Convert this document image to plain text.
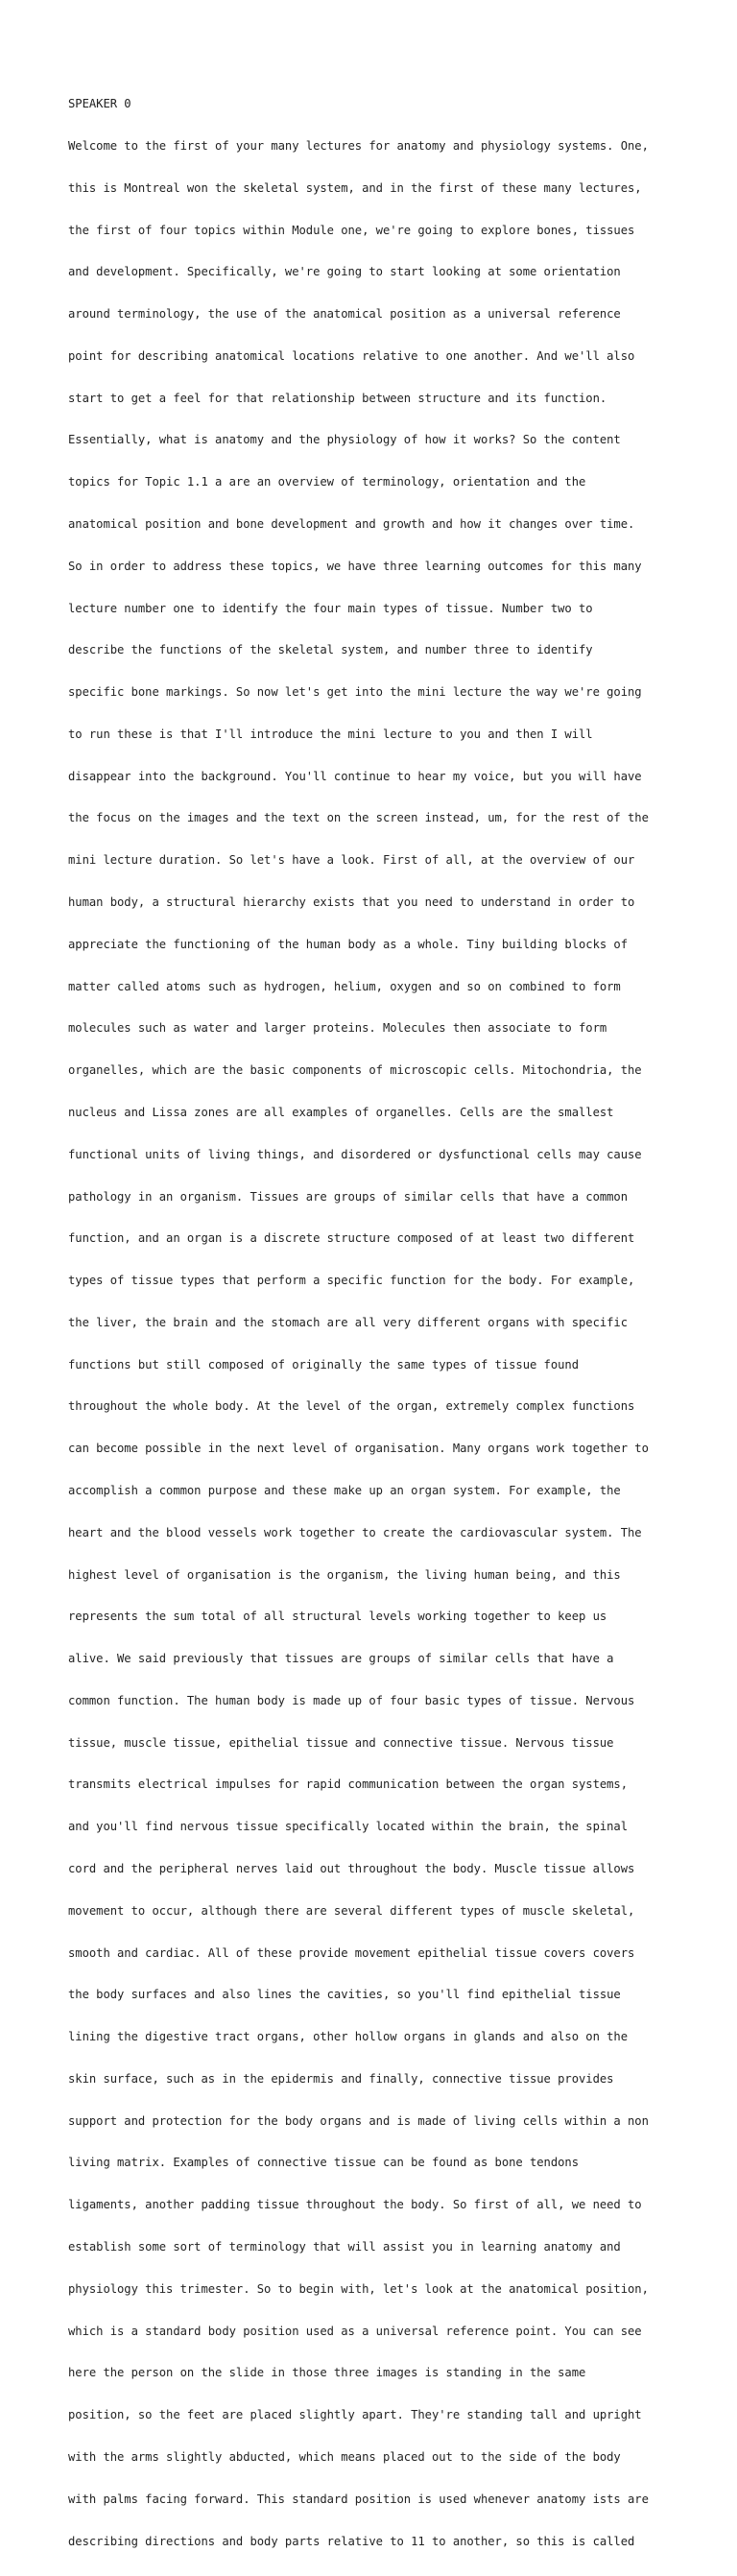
SPEAKER 0

Welcome to the first of your many lectures for anatomy and physiology systems. One,

this is Montreal won the skeletal system, and in the first of these many lectures,

the first of four topics within Module one, we're going to explore bones, tissues

and development. Specifically, we're going to start looking at some orientation

around terminology, the use of the anatomical position as a universal reference

point for describing anatomical locations relative to one another. And we'll also

start to get a feel for that relationship between structure and its function.

Essentially, what is anatomy and the physiology of how it works? So the content

topics for Topic 1.1 a are an overview of terminology, orientation and the

anatomical position and bone development and growth and how it changes over time.

So in order to address these topics, we have three learning outcomes for this many

lecture number one to identify the four main types of tissue. Number two to

describe the functions of the skeletal system, and number three to identify

specific bone markings. So now let's get into the mini lecture the way we're going

to run these is that I'll introduce the mini lecture to you and then I will

disappear into the background. You'll continue to hear my voice, but you will have

the focus on the images and the text on the screen instead, um, for the rest of the

mini lecture duration. So let's have a look. First of all, at the overview of our

human body, a structural hierarchy exists that you need to understand in order to

appreciate the functioning of the human body as a whole. Tiny building blocks of

matter called atoms such as hydrogen, helium, oxygen and so on combined to form

molecules such as water and larger proteins. Molecules then associate to form

organelles, which are the basic components of microscopic cells. Mitochondria, the

nucleus and Lissa zones are all examples of organelles. Cells are the smallest

functional units of living things, and disordered or dysfunctional cells may cause

pathology in an organism. Tissues are groups of similar cells that have a common

function, and an organ is a discrete structure composed of at least two different

types of tissue types that perform a specific function for the body. For example,

the liver, the brain and the stomach are all very different organs with specific

functions but still composed of originally the same types of tissue found

throughout the whole body. At the level of the organ, extremely complex functions

can become possible in the next level of organisation. Many organs work together to

accomplish a common purpose and these make up an organ system. For example, the

heart and the blood vessels work together to create the cardiovascular system. The

highest level of organisation is the organism, the living human being, and this

represents the sum total of all structural levels working together to keep us

alive. We said previously that tissues are groups of similar cells that have a

common function. The human body is made up of four basic types of tissue. Nervous

tissue, muscle tissue, epithelial tissue and connective tissue. Nervous tissue

transmits electrical impulses for rapid communication between the organ systems,

and you'll find nervous tissue specifically located within the brain, the spinal

cord and the peripheral nerves laid out throughout the body. Muscle tissue allows

movement to occur, although there are several different types of muscle skeletal,

smooth and cardiac. All of these provide movement epithelial tissue covers covers

the body surfaces and also lines the cavities, so you'll find epithelial tissue

lining the digestive tract organs, other hollow organs in glands and also on the

skin surface, such as in the epidermis and finally, connective tissue provides

support and protection for the body organs and is made of living cells within a non

living matrix. Examples of connective tissue can be found as bone tendons

ligaments, another padding tissue throughout the body. So first of all, we need to

establish some sort of terminology that will assist you in learning anatomy and

physiology this trimester. So to begin with, let's look at the anatomical position,

which is a standard body position used as a universal reference point. You can see

here the person on the slide in those three images is standing in the same

position, so the feet are placed slightly apart. They're standing tall and upright

with the arms slightly abducted, which means placed out to the side of the body

with palms facing forward. This standard position is used whenever anatomy ists are

describing directions and body parts relative to 11 to another, so this is called
